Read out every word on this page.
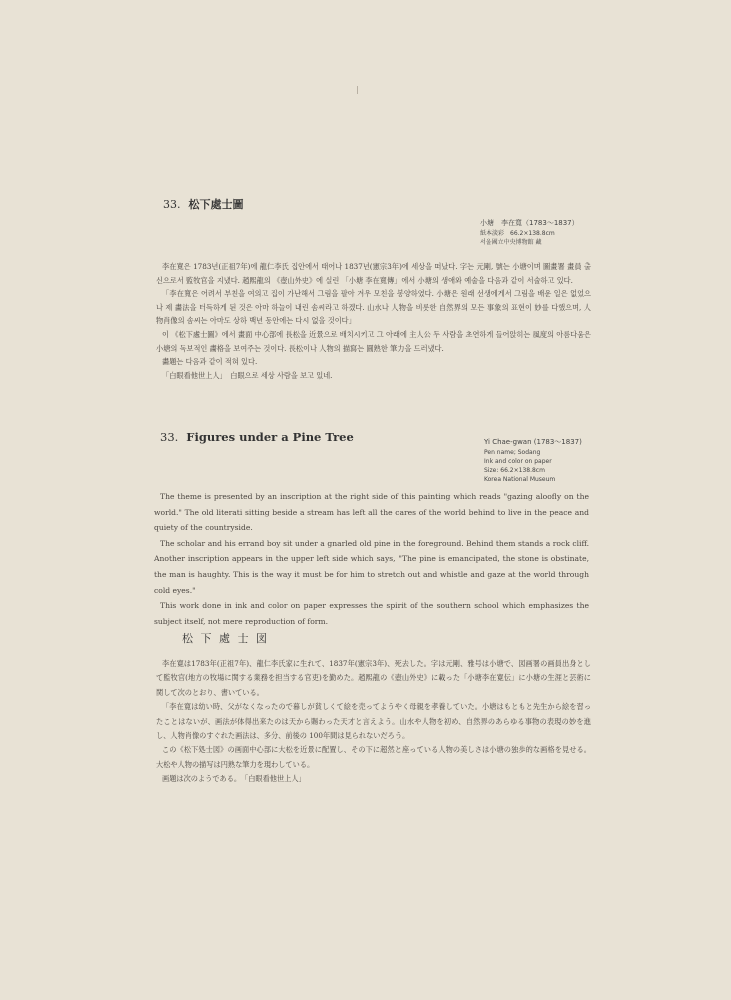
33. 松下處士圖
小塘　李在寬（1783～1837）
紙本淡彩　66.2×138.8cm
서울國立中央博物館 藏

李在寬은 1783년(正祖7年)에 龍仁李氏 집안에서 태어나 1837년(憲宗3年)에 세상을 떠났다. 字는 元剛, 號는 小塘이며 圖畫署 畫員 출신으로서 監牧官을 지냈다. 趙熙龍의 《壺山外史》에 실린 「小塘 李在寬傳」에서 小塘의 생애와 예술을 다음과 같이 서술하고 있다.

「李在寬은 어려서 부친을 여의고 집이 가난해서 그림을 팔아 겨우 모친을 봉양하였다. 小塘은 원래 선생에게서 그림을 배운 일은 없었으나 제 畵法을 터득하게 된 것은 아마 하늘이 내린 솜씨라고 하겠다. 山水나 人物을 비롯한 自然界의 모든 事象의 표현이 妙를 다했으며, 人物肖像의 솜씨는 아마도 상하 백년 동안에는 다시 없을 것이다」

이 《松下處士圖》에서 畫面 中心部에 長松을 近景으로 배치시키고 그 아래에 主人公 두 사람을 초연하게 들어앉히는 風度의 아름다움은 小塘의 독보적인 畵格을 보여주는 것이다. 長松이나 人物의 描寫는 圓熟한 筆力을 드러냈다.

畵題는 다음과 같이 적혀 있다.

「白眼看他世上人」　白眼으로 세상 사람을 보고 있네.

33. Figures under a Pine Tree	Yi Chae-gwan (1783～1837)
Pen name; Sodang
Ink and color on paper
Size: 66.2×138.8cm
Korea National Museum

The theme is presented by an inscription at the right side of this painting which reads "gazing aloofly on the world." The old literati sitting beside a stream has left all the cares of the world behind to live in the peace and quiety of the countryside.

The scholar and his errand boy sit under a gnarled old pine in the foreground. Behind them stands a rock cliff. Another inscription appears in the upper left side which says, "The pine is emancipated, the stone is obstinate, the man is haughty. This is the way it must be for him to stretch out and whistle and gaze at the world through cold eyes."

This work done in ink and color on paper expresses the spirit of the southern school which emphasizes the subject itself, not mere reproduction of form.

松 下 處 士 図

李在寛は1783年(正祖7年)、龍仁李氏家に生れて、1837年(憲宗3年)、死去した。字は元剛、雅号は小塘で、図画署の画員出身として監牧官(地方の牧場に関する業務を担当する官吏)を勤めた。趙熙龍の《壺山外史》に載った「小塘李在寛伝」に小塘の生涯と芸術に関して次のとおり、書いている。

「李在寛は幼い時、父がなくなったので暮しが貧しくて絵を売ってようやく母親を孝養していた。小塘はもともと先生から絵を習ったことはないが、画法が体得出来たのは天から賜わった天才と言えよう。山水や人物を初め、自然界のあらゆる事物の表現の妙を進し、人物肖像のすぐれた画法は、多分、前後の 100年間は見られないだろう。

この《松下処士図》の画面中心部に大松を近景に配置し、その下に超然と座っている人物の美しさは小塘の独歩的な画格を見せる。大松や人物の描写は円熟な筆力を現わしている。

画題は次のようである。　「白眼看他世上人」
